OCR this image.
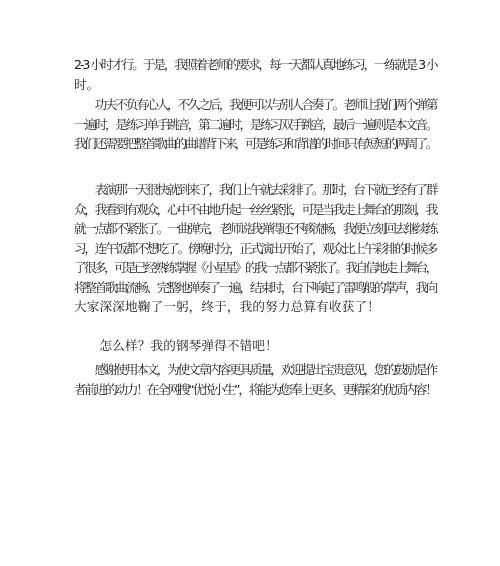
2-3 小时才行。于是，我照着老师的要求，每一天都认真地练习，一练就是 3 小
时。

　　功夫不负有心人，不久之后，我便可以与别人合奏了。老师让我们两个弹第
一遍时，是练习单手跳音，第二遍时，是练习双手跳音，最后一遍则是本文音。
我们还需要把整首歌曲的曲谱背下来，可是练习和背谱的时间只有短短的两周了。

　　表演那一天很快就到来了，我们上午就去彩排了。那时，台下就已经有了群
众，我看到有观众，心中不由地升起一丝丝紧张，可是当我走上舞台的那刻，我
就一点都不紧张了。一曲弹完，老师说我弹得还不够流畅，我便立刻回去继续练
习，连午饭都不想吃了。傍晚时分，正式演出开始了，观众比上午彩排的时候多
了很多，可是已经熟练掌握《小星星》的我一点都不紧张了。我自信地走上舞台，
将整首歌曲流畅、完整地弹奏了一遍，结束时，台下响起了雷鸣般的掌声，我向
大家深深地鞠了一躬，终于，我的努力总算有收获了！

　　怎么样？我的钢琴弹得不错吧！

　　感谢使用本文，为使文章内容更具质量，欢迎提出宝贵意见，您的鼓励是作
者前进的动力！在全网搜“优悦小生”，将能为您奉上更多、更精彩的优质内容！
